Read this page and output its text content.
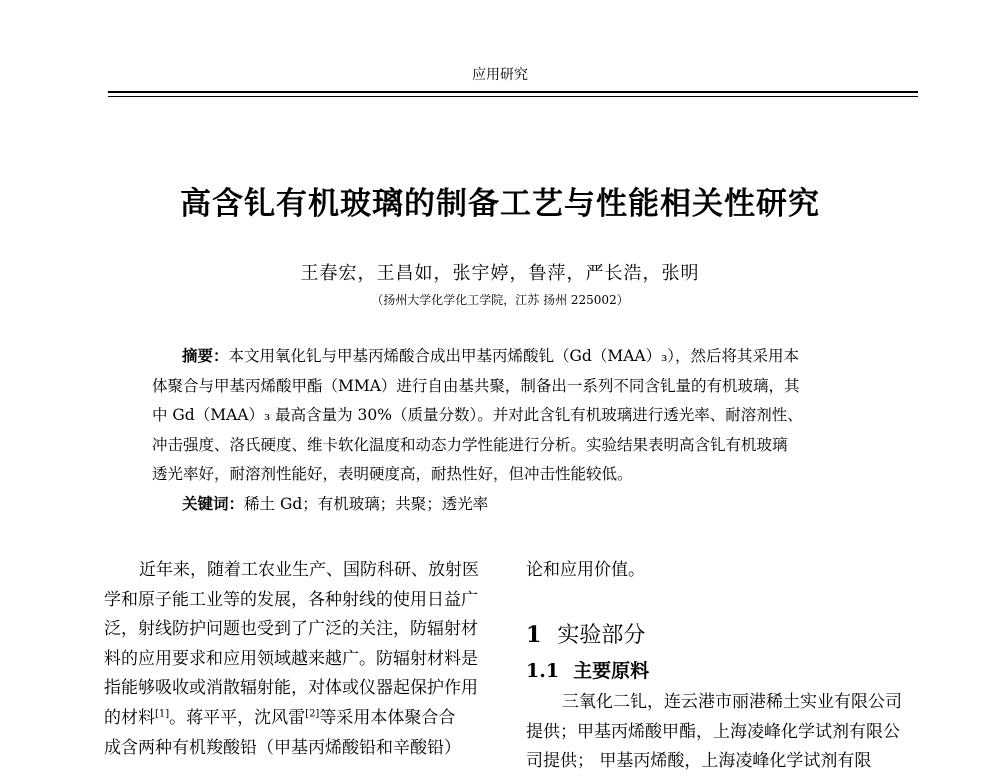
应用研究
高含钆有机玻璃的制备工艺与性能相关性研究
王春宏，王昌如，张宇婷，鲁萍，严长浩，张明
（扬州大学化学化工学院，江苏 扬州 225002）
摘要：本文用氧化钆与甲基丙烯酸合成出甲基丙烯酸钆（Gd（MAA）₃），然后将其采用本
体聚合与甲基丙烯酸甲酯（MMA）进行自由基共聚，制备出一系列不同含钆量的有机玻璃，其
中 Gd（MAA）₃ 最高含量为 30%（质量分数）。并对此含钆有机玻璃进行透光率、耐溶剂性、
冲击强度、洛氏硬度、维卡软化温度和动态力学性能进行分析。实验结果表明高含钆有机玻璃
透光率好，耐溶剂性能好，表明硬度高，耐热性好，但冲击性能较低。
关键词：稀土 Gd；有机玻璃；共聚；透光率
近年来，随着工农业生产、国防科研、放射医
学和原子能工业等的发展，各种射线的使用日益广
泛，射线防护问题也受到了广泛的关注，防辐射材
料的应用要求和应用领域越来越广。防辐射材料是
指能够吸收或消散辐射能，对体或仪器起保护作用
的材料[1]。蒋平平，沈风雷[2]等采用本体聚合合
成含两种有机羧酸铅（甲基丙烯酸铅和辛酸铅）
论和应用价值。
1 实验部分
1.1 主要原料
三氧化二钆，连云港市丽港稀土实业有限公司
提供；甲基丙烯酸甲酯，上海凌峰化学试剂有限公
司提供； 甲基丙烯酸，上海凌峰化学试剂有限
